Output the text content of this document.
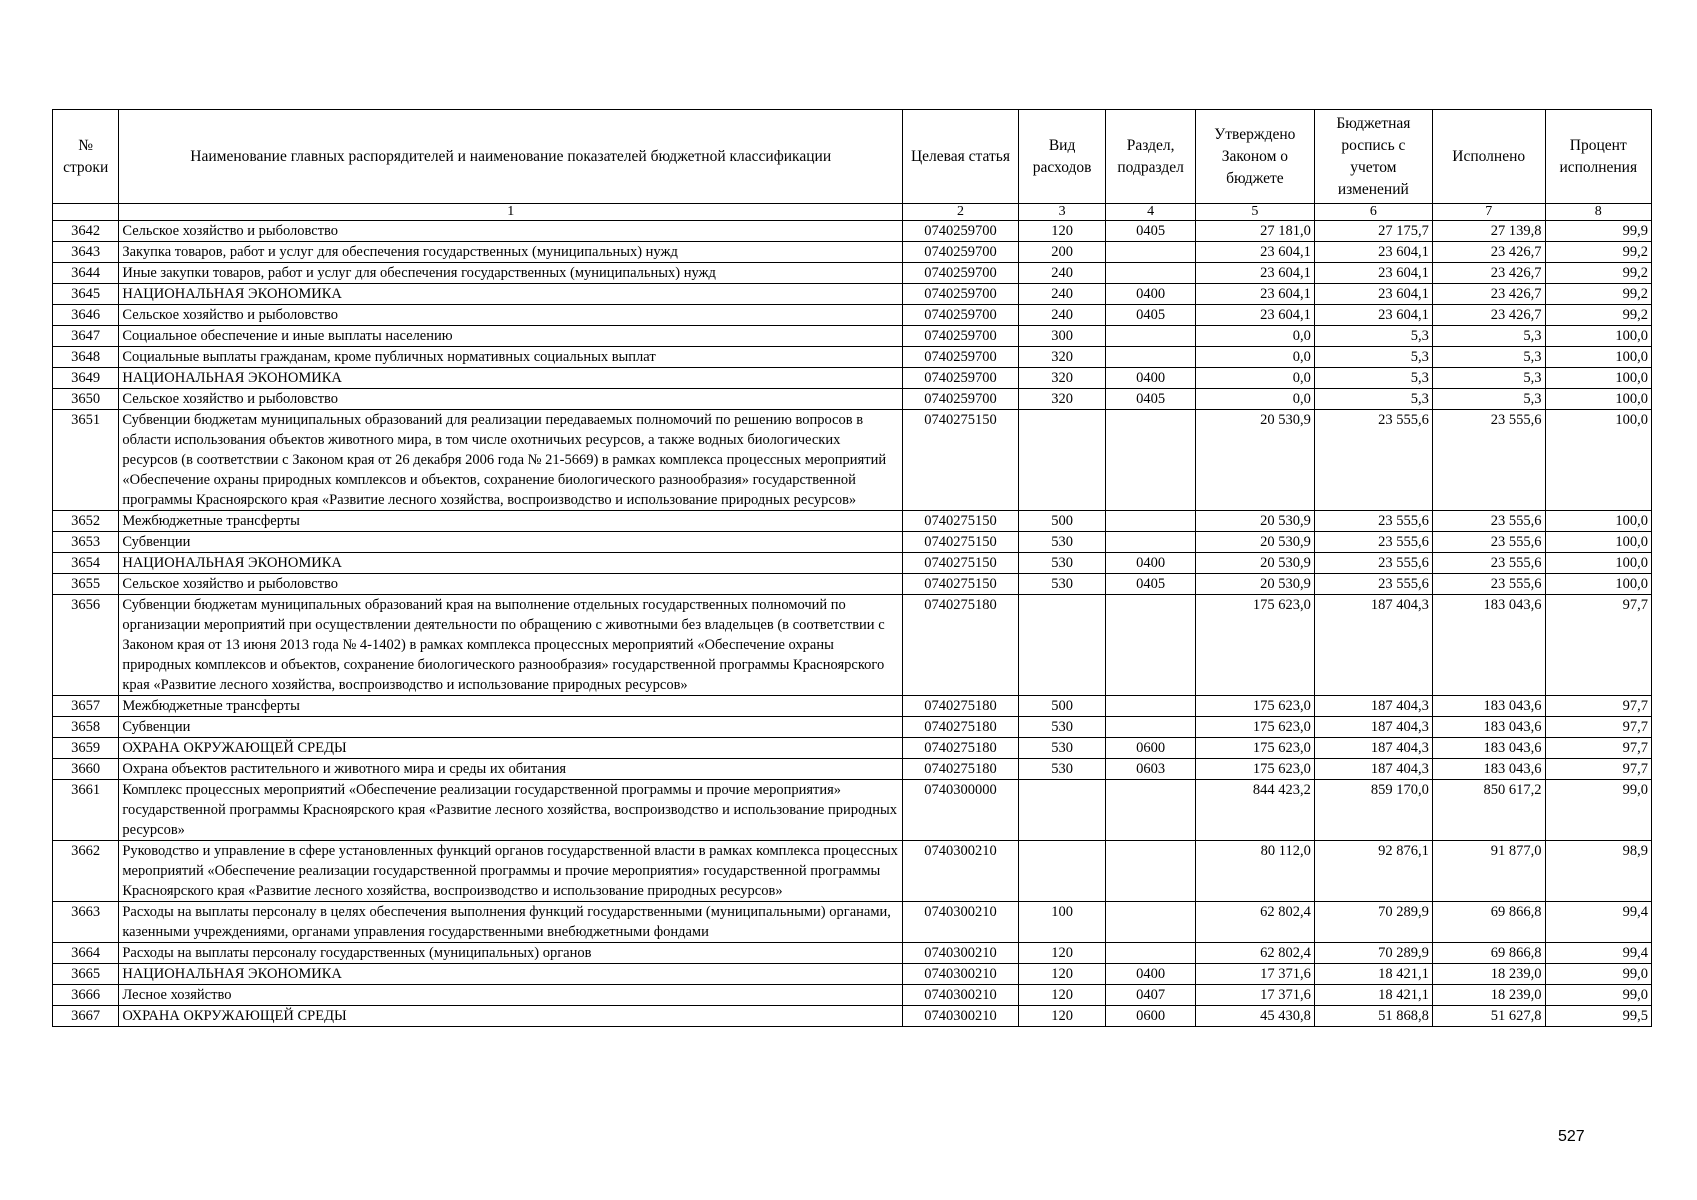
№ строки	Наименование главных распорядителей и наименование показателей бюджетной классификации	Целевая статья	Вид расходов	Раздел, подраздел	Утверждено Законом о бюджете	Бюджетная роспись с учетом изменений	Исполнено	Процент исполнения
	1	2	3	4	5	6	7	8
3642	Сельское хозяйство и рыболовство	0740259700	120	0405	27 181,0	27 175,7	27 139,8	99,9
3643	Закупка товаров, работ и услуг для обеспечения государственных (муниципальных) нужд	0740259700	200		23 604,1	23 604,1	23 426,7	99,2
3644	Иные закупки товаров, работ и услуг для обеспечения государственных (муниципальных) нужд	0740259700	240		23 604,1	23 604,1	23 426,7	99,2
3645	НАЦИОНАЛЬНАЯ ЭКОНОМИКА	0740259700	240	0400	23 604,1	23 604,1	23 426,7	99,2
3646	Сельское хозяйство и рыболовство	0740259700	240	0405	23 604,1	23 604,1	23 426,7	99,2
3647	Социальное обеспечение и иные выплаты населению	0740259700	300		0,0	5,3	5,3	100,0
3648	Социальные выплаты гражданам, кроме публичных нормативных социальных выплат	0740259700	320		0,0	5,3	5,3	100,0
3649	НАЦИОНАЛЬНАЯ ЭКОНОМИКА	0740259700	320	0400	0,0	5,3	5,3	100,0
3650	Сельское хозяйство и рыболовство	0740259700	320	0405	0,0	5,3	5,3	100,0
3651	Субвенции бюджетам муниципальных образований для реализации передаваемых полномочий по решению вопросов в области использования объектов животного мира, в том числе охотничьих ресурсов, а также водных биологических ресурсов (в соответствии с Законом края от 26 декабря 2006 года № 21-5669) в рамках комплекса процессных мероприятий «Обеспечение охраны природных комплексов и объектов, сохранение биологического разнообразия» государственной программы Красноярского края «Развитие лесного хозяйства, воспроизводство и использование природных ресурсов»	0740275150			20 530,9	23 555,6	23 555,6	100,0
3652	Межбюджетные трансферты	0740275150	500		20 530,9	23 555,6	23 555,6	100,0
3653	Субвенции	0740275150	530		20 530,9	23 555,6	23 555,6	100,0
3654	НАЦИОНАЛЬНАЯ ЭКОНОМИКА	0740275150	530	0400	20 530,9	23 555,6	23 555,6	100,0
3655	Сельское хозяйство и рыболовство	0740275150	530	0405	20 530,9	23 555,6	23 555,6	100,0
3656	Субвенции бюджетам муниципальных образований края на выполнение отдельных государственных полномочий по организации мероприятий при осуществлении деятельности по обращению с животными без владельцев (в соответствии с Законом края от 13 июня 2013 года № 4-1402) в рамках комплекса процессных мероприятий «Обеспечение охраны природных комплексов и объектов, сохранение биологического разнообразия» государственной программы Красноярского края «Развитие лесного хозяйства, воспроизводство и использование природных ресурсов»	0740275180			175 623,0	187 404,3	183 043,6	97,7
3657	Межбюджетные трансферты	0740275180	500		175 623,0	187 404,3	183 043,6	97,7
3658	Субвенции	0740275180	530		175 623,0	187 404,3	183 043,6	97,7
3659	ОХРАНА ОКРУЖАЮЩЕЙ СРЕДЫ	0740275180	530	0600	175 623,0	187 404,3	183 043,6	97,7
3660	Охрана объектов растительного и животного мира и среды их обитания	0740275180	530	0603	175 623,0	187 404,3	183 043,6	97,7
3661	Комплекс процессных мероприятий «Обеспечение реализации государственной программы и прочие мероприятия» государственной программы Красноярского края «Развитие лесного хозяйства, воспроизводство и использование природных ресурсов»	0740300000			844 423,2	859 170,0	850 617,2	99,0
3662	Руководство и управление в сфере установленных функций органов государственной власти в рамках комплекса процессных мероприятий «Обеспечение реализации государственной программы и прочие мероприятия» государственной программы Красноярского края «Развитие лесного хозяйства, воспроизводство и использование природных ресурсов»	0740300210			80 112,0	92 876,1	91 877,0	98,9
3663	Расходы на выплаты персоналу в целях обеспечения выполнения функций государственными (муниципальными) органами, казенными учреждениями, органами управления государственными внебюджетными фондами	0740300210	100		62 802,4	70 289,9	69 866,8	99,4
3664	Расходы на выплаты персоналу государственных (муниципальных) органов	0740300210	120		62 802,4	70 289,9	69 866,8	99,4
3665	НАЦИОНАЛЬНАЯ ЭКОНОМИКА	0740300210	120	0400	17 371,6	18 421,1	18 239,0	99,0
3666	Лесное хозяйство	0740300210	120	0407	17 371,6	18 421,1	18 239,0	99,0
3667	ОХРАНА ОКРУЖАЮЩЕЙ СРЕДЫ	0740300210	120	0600	45 430,8	51 868,8	51 627,8	99,5
527
